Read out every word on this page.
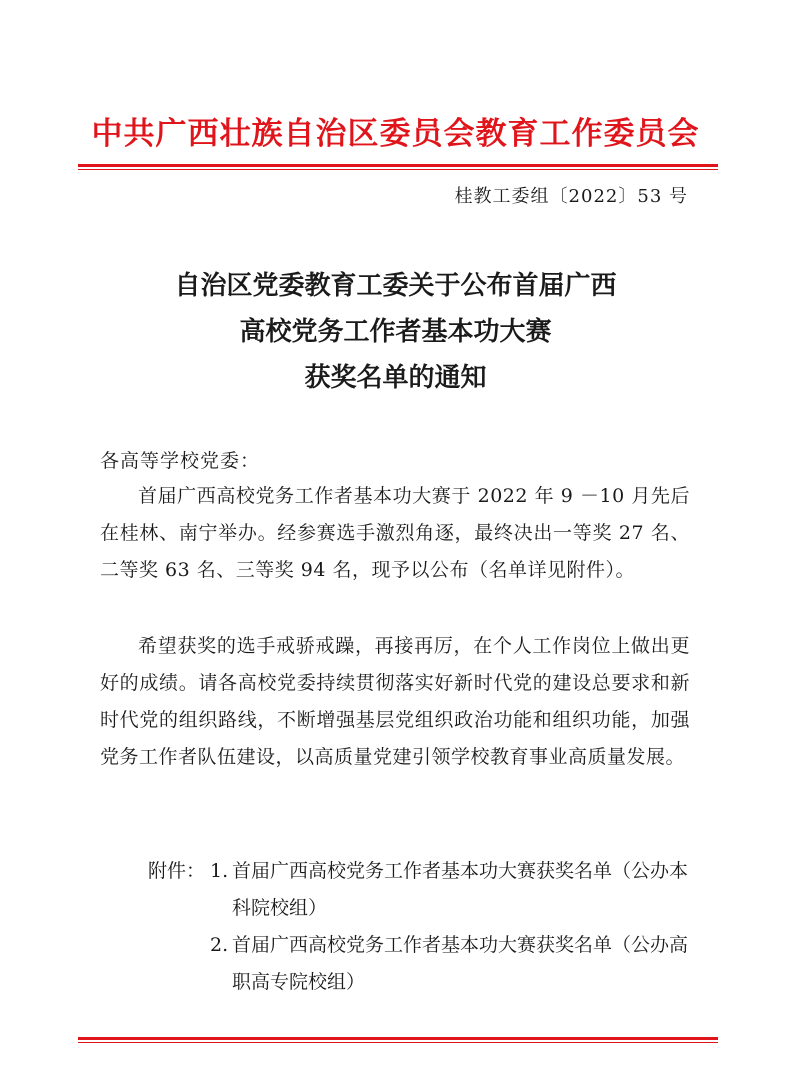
中共广西壮族自治区委员会教育工作委员会
桂教工委组〔2022〕53 号
自治区党委教育工委关于公布首届广西
高校党务工作者基本功大赛
获奖名单的通知
各高等学校党委：
首届广西高校党务工作者基本功大赛于 2022 年 9 －10 月先后在桂林、南宁举办。经参赛选手激烈角逐，最终决出一等奖 27 名、二等奖 63 名、三等奖 94 名，现予以公布（名单详见附件）。
希望获奖的选手戒骄戒躁，再接再厉，在个人工作岗位上做出更好的成绩。请各高校党委持续贯彻落实好新时代党的建设总要求和新时代党的组织路线，不断增强基层党组织政治功能和组织功能，加强党务工作者队伍建设，以高质量党建引领学校教育事业高质量发展。
附件： 1. 首届广西高校党务工作者基本功大赛获奖名单（公办本科院校组）
2. 首届广西高校党务工作者基本功大赛获奖名单（公办高职高专院校组）
